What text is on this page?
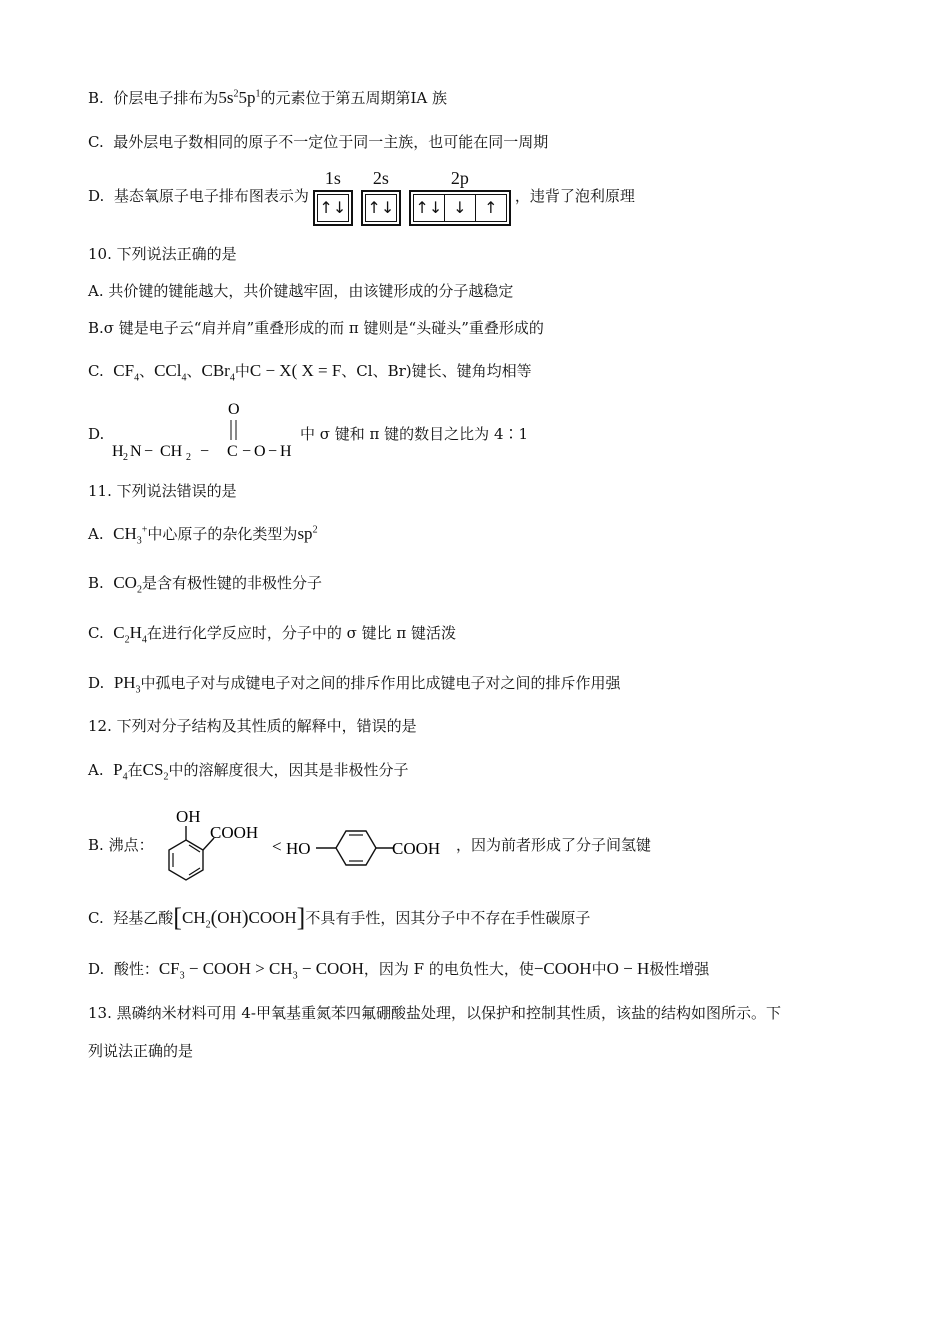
B. 价层电子排布为$5s^25p^1$的元素位于第五周期第ⅠA 族
C. 最外层电子数相同的原子不一定位于同一主族，也可能在同一周期
D. 基态氧原子电子排布图表示为
1s
↑↓
2s
↑↓
2p
↑↓ ↓	↑
，违背了泡利原理
10. 下列说法正确的是
A. 共价键的键能越大，共价键越牢固，由该键形成的分子越稳定
B.σ 键是电子云“肩并肩”重叠形成的而 π 键则是“头碰头”重叠形成的
C. $CF_4$、CCl$_4$、CBr$_4$中C − X( X = F、Cl、Br)键长、键角均相等
D.
O
H 2 N − CH 2 − C − O − H
中 σ 键和 π 键的数目之比为 4∶1
11. 下列说法错误的是
A. $CH_3^+$中心原子的杂化类型为$sp^2$
B. $CO_2$是含有极性键的非极性分子
C. $C_2H_4$在进行化学反应时，分子中的 σ 键比 π 键活泼
D. $PH_3$中孤电子对与成键电子对之间的排斥作用比成键电子对之间的排斥作用强
12. 下列对分子结构及其性质的解释中，错误的是
A. $P_4$在$CS_2$中的溶解度很大，因其是非极性分子
B. 沸点：
OH
COOH
< HO	COOH ，因为前者形成了分子间氢键
C. 羟基乙酸$[CH_2(OH)COOH]$不具有手性，因其分子中不存在手性碳原子
D. 酸性：$CF_3$ − COOH > $CH_3$ − COOH，因为 F 的电负性大，使−COOH中O − H极性增强
13. 黑磷纳米材料可用 4-甲氧基重氮苯四氟硼酸盐处理，以保护和控制其性质，该盐的结构如图所示。下
列说法正确的是
